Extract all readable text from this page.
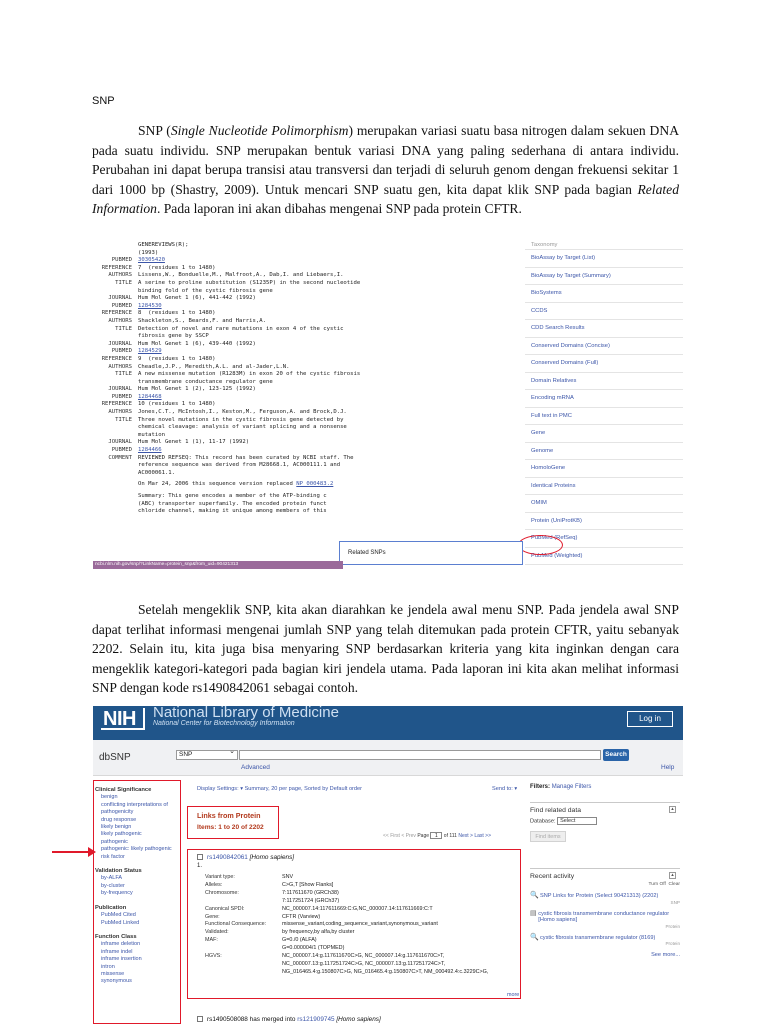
SNP
SNP (Single Nucleotide Polimorphism) merupakan variasi suatu basa nitrogen dalam sekuen DNA pada suatu individu. SNP merupakan bentuk variasi DNA yang paling sederhana di antara individu. Perubahan ini dapat berupa transisi atau transversi dan terjadi di seluruh genom dengan frekuensi sekitar 1 dari 1000 bp (Shastry, 2009). Untuk mencari SNP suatu gen, kita dapat klik SNP pada bagian Related Information. Pada laporan ini akan dibahas mengenai SNP pada protein CFTR.
GENEREVIEWS(R);
(1993)
PUBMED	30305420
REFERENCE	7  (residues 1 to 1480)
AUTHORS	Lissens,W., Bonduelle,M., Malfroot,A., Dab,I. and Liebaers,I.
TITLE	A serine to proline substitution (S1235P) in the second nucleotide
binding fold of the cystic fibrosis gene
JOURNAL	Hum Mol Genet 1 (6), 441-442 (1992)
PUBMED	1284530
REFERENCE	8  (residues 1 to 1480)
AUTHORS	Shackleton,S., Beards,F. and Harris,A.
TITLE	Detection of novel and rare mutations in exon 4 of the cystic
fibrosis gene by SSCP
JOURNAL	Hum Mol Genet 1 (6), 439-440 (1992)
PUBMED	1284529
REFERENCE	9  (residues 1 to 1480)
AUTHORS	Cheadle,J.P., Meredith,A.L. and al-Jader,L.N.
TITLE	A new missense mutation (R1283M) in exon 20 of the cystic fibrosis
transmembrane conductance regulator gene
JOURNAL	Hum Mol Genet 1 (2), 123-125 (1992)
PUBMED	1284468
REFERENCE	10 (residues 1 to 1480)
AUTHORS	Jones,C.T., McIntosh,I., Keston,M., Ferguson,A. and Brock,D.J.
TITLE	Three novel mutations in the cystic fibrosis gene detected by
chemical cleavage: analysis of variant splicing and a nonsense
mutation
JOURNAL	Hum Mol Genet 1 (1), 11-17 (1992)
PUBMED	1284466
COMMENT	REVIEWED REFSEQ: This record has been curated by NCBI staff. The
reference sequence was derived from M28668.1, AC000111.1 and
AC000061.1.
On Mar 24, 2006 this sequence version replaced NP_000483.2
Summary: This gene encodes a member of the ATP-binding c
(ABC) transporter superfamily. The encoded protein funct
chloride channel, making it unique among members of this
Taxonomy
BioAssay by Target (List)
BioAssay by Target (Summary)
BioSystems
CCDS
CDD Search Results
Conserved Domains (Concise)
Conserved Domains (Full)
Domain Relatives
Encoding mRNA
Full text in PMC
Gene
Genome
HomoloGene
Identical Proteins
OMIM
Protein (UniProtKB)
PubMed (RefSeq)
PubMed (Weighted)
Related SNPs
ncbi.nlm.nih.gov/snp/?LinkName=protein_snp&from_uid=90421313
Setelah mengeklik SNP, kita akan diarahkan ke jendela awal menu SNP. Pada jendela awal SNP dapat terlihat informasi mengenai jumlah SNP yang telah ditemukan pada protein CFTR, yaitu sebanyak 2202. Selain itu, kita juga bisa menyaring SNP berdasarkan kriteria yang kita inginkan dengan cara mengeklik kategori-kategori pada bagian kiri jendela utama. Pada laporan ini kita akan melihat informasi SNP dengan kode rs1490842061 sebagai contoh.
NIH National Library of Medicine
National Center for Biotechnology Information
Log in
dbSNP	SNP ⌄	Search
Advanced	Help
Clinical Significance
benign
conflicting interpretations of pathogenicity
drug response
likely benign
likely pathogenic
pathogenic
pathogenic: likely pathogenic
risk factor
Validation Status
by-ALFA
by-cluster
by-frequency
Publication
PubMed Cited
PubMed Linked
Function Class
inframe deletion
inframe indel
inframe insertion
intron
missense
synonymous
Display Settings: ▾ Summary, 20 per page, Sorted by Default order	Send to: ▾
Links from Protein
Items: 1 to 20 of 2202
<< First < Prev Page 1 of 111 Next > Last >>
rs1490842061 [Homo sapiens]
1.
Variant type:	SNV
Alleles:	C>G,T [Show Flanks]
Chromosome:	7:117611670 (GRCh38)
7:117251724 (GRCh37)
Canonical SPDI:	NC_000007.14:117611669:C:G,NC_000007.14:117611669:C:T
Gene:	CFTR (Varview)
Functional Consequence:	missense_variant,coding_sequence_variant,synonymous_variant
Validated:	by frequency,by alfa,by cluster
MAF:	G=0./0 (ALFA)
G=0.000004/1 (TOPMED)
HGVS:	NC_000007.14:g.117611670C>G, NC_000007.14:g.117611670C>T,
NC_000007.13:g.117251724C>G, NC_000007.13:g.117251724C>T,
NG_016465.4:g.150807C>G, NG_016465.4:g.150807C>T, NM_000492.4:c.3229C>G,
more
rs1490508088 has merged into rs121909745 [Homo sapiens]
Filters: Manage Filters
Find related data	▴
Database: Select
Find items
Recent activity	▴
Turn Off Clear
🔍 SNP Links for Protein (Select 90421313) (2202)
SNP
▤ cystic fibrosis transmembrane conductance regulator [Homo sapiens]
Protein
🔍 cystic fibrosis transmembrane regulator (8169)
Protein
See more...
